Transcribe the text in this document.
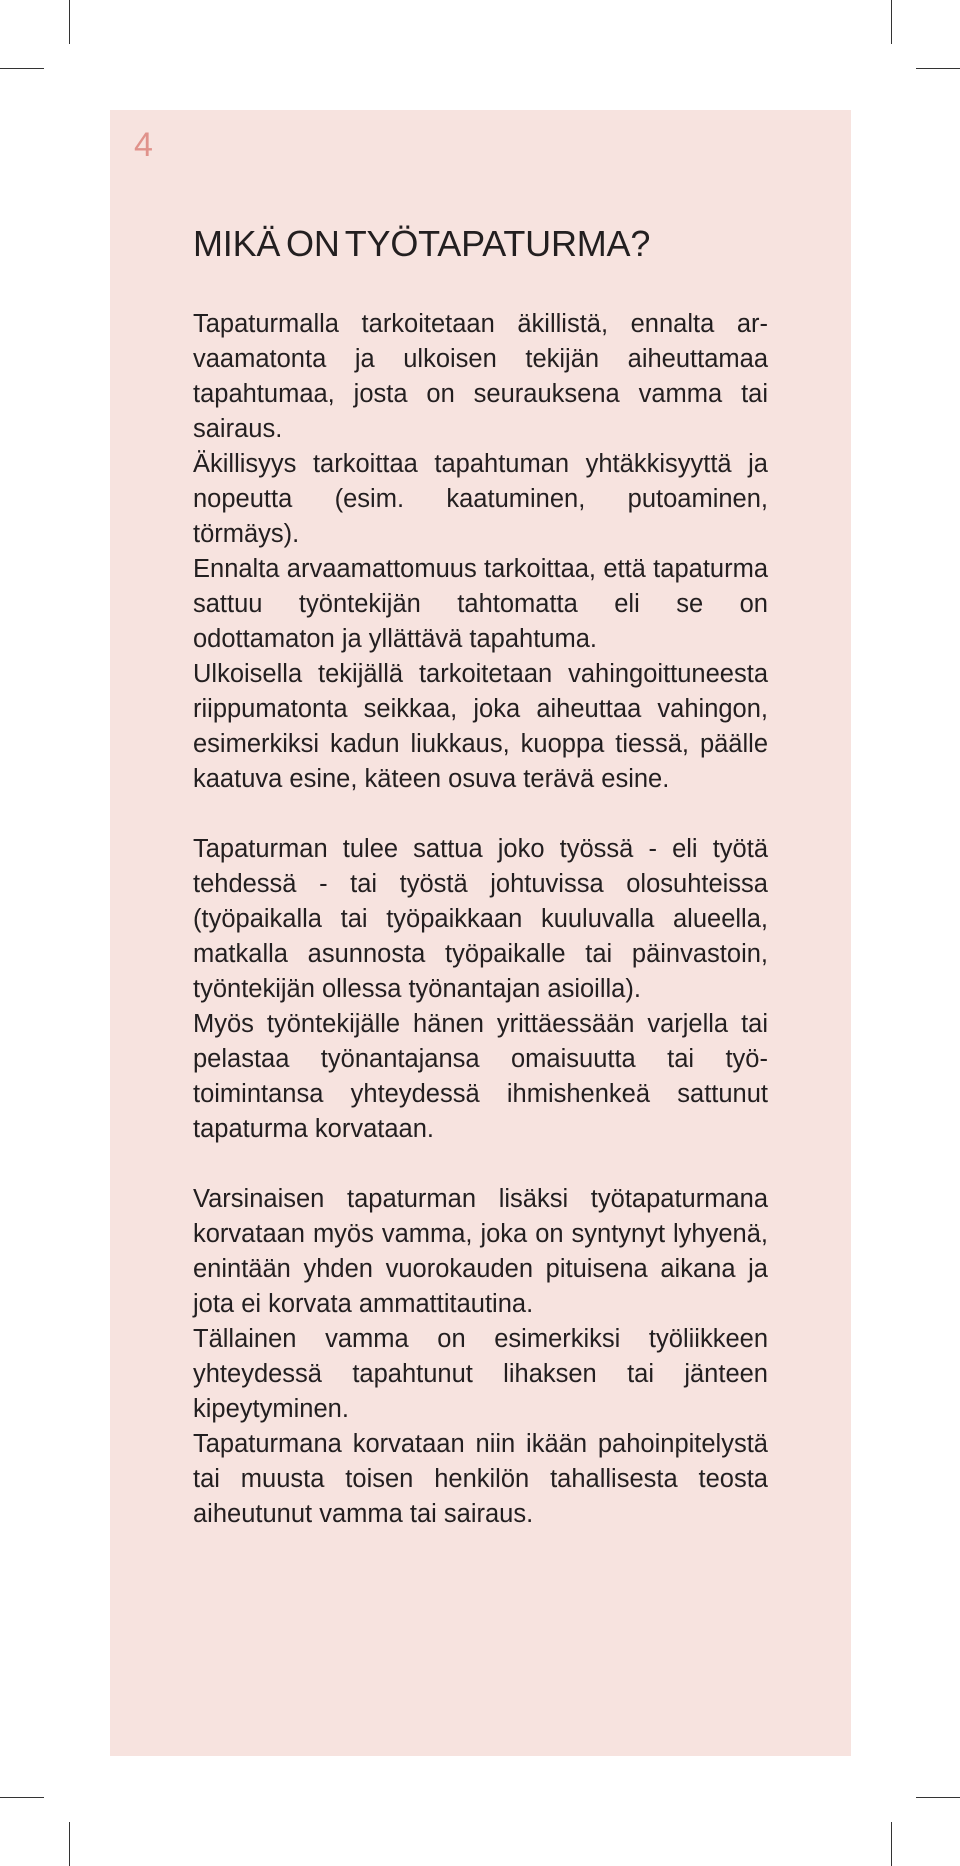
4
MIKÄ ON TYÖTAPATURMA?

Tapaturmalla tarkoitetaan äkillistä, ennalta arvaamatonta ja ulkoisen tekijän aiheuttamaa tapahtumaa, josta on seurauksena vamma tai sairaus.

Äkillisyys tarkoittaa tapahtuman yhtäkkisyyttä ja nopeutta (esim. kaatuminen, putoaminen, törmäys).

Ennalta arvaamattomuus tarkoittaa, että tapaturma sattuu työntekijän tahtomatta eli se on odottamaton ja yllättävä tapahtuma.

Ulkoisella tekijällä tarkoitetaan vahingoittuneesta riippumatonta seikkaa, joka aiheuttaa vahingon, esimerkiksi kadun liukkaus, kuoppa tiessä, päälle kaatuva esine, käteen osuva terävä esine.

Tapaturman tulee sattua joko työssä - eli työtä tehdessä - tai työstä johtuvissa olosuhteissa (työpaikalla tai työpaikkaan kuuluvalla alueella, matkalla asunnosta työpaikalle tai päinvastoin, työntekijän ollessa työnantajan asioilla).

Myös työntekijälle hänen yrittäessään varjella tai pelastaa työnantajansa omaisuutta tai työtoimintansa yhteydessä ihmishenkeä sattunut tapaturma korvataan.

Varsinaisen tapaturman lisäksi työtapaturmana korvataan myös vamma, joka on syntynyt lyhyenä, enintään yhden vuorokauden pituisena aikana ja jota ei korvata ammattitautina.

Tällainen vamma on esimerkiksi työliikkeen yhteydessä tapahtunut lihaksen tai jänteen kipeytyminen.

Tapaturmana korvataan niin ikään pahoinpitelystä tai muusta toisen henkilön tahallisesta teosta aiheutunut vamma tai sairaus.
